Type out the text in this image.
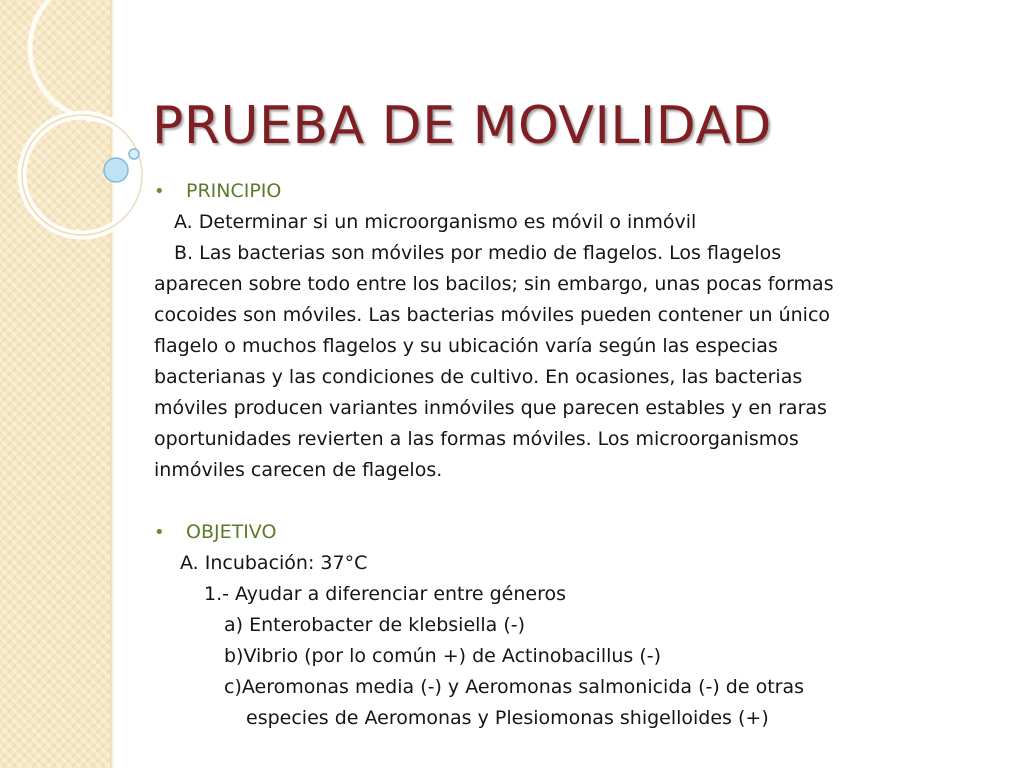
PRUEBA DE MOVILIDAD
• PRINCIPIO
A. Determinar si un microorganismo es móvil o inmóvil
B. Las bacterias son móviles por medio de flagelos. Los flagelos
aparecen sobre todo entre los bacilos; sin embargo, unas pocas formas
cocoides son móviles. Las bacterias móviles pueden contener un único
flagelo o muchos flagelos y su ubicación varía según las especias
bacterianas y las condiciones de cultivo. En ocasiones, las bacterias
móviles producen variantes inmóviles que parecen estables y en raras
oportunidades revierten a las formas móviles. Los microorganismos
inmóviles carecen de flagelos.
• OBJETIVO
A. Incubación: 37°C
1.- Ayudar a diferenciar entre géneros
a) Enterobacter de klebsiella (-)
b)Vibrio (por lo común +) de Actinobacillus (-)
c)Aeromonas media (-) y Aeromonas salmonicida (-) de otras
especies de Aeromonas y Plesiomonas shigelloides (+)
